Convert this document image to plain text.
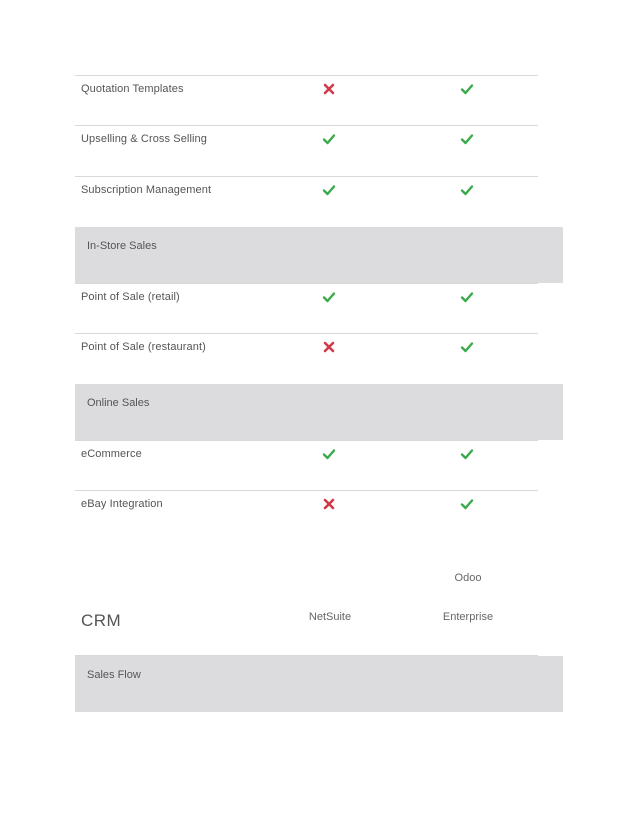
Quotation Templates
Upselling & Cross Selling
Subscription Management
In-Store Sales
Point of Sale (retail)
Point of Sale (restaurant)
Online Sales
eCommerce
eBay Integration
Odoo
CRM	NetSuite	Enterprise
Sales Flow
